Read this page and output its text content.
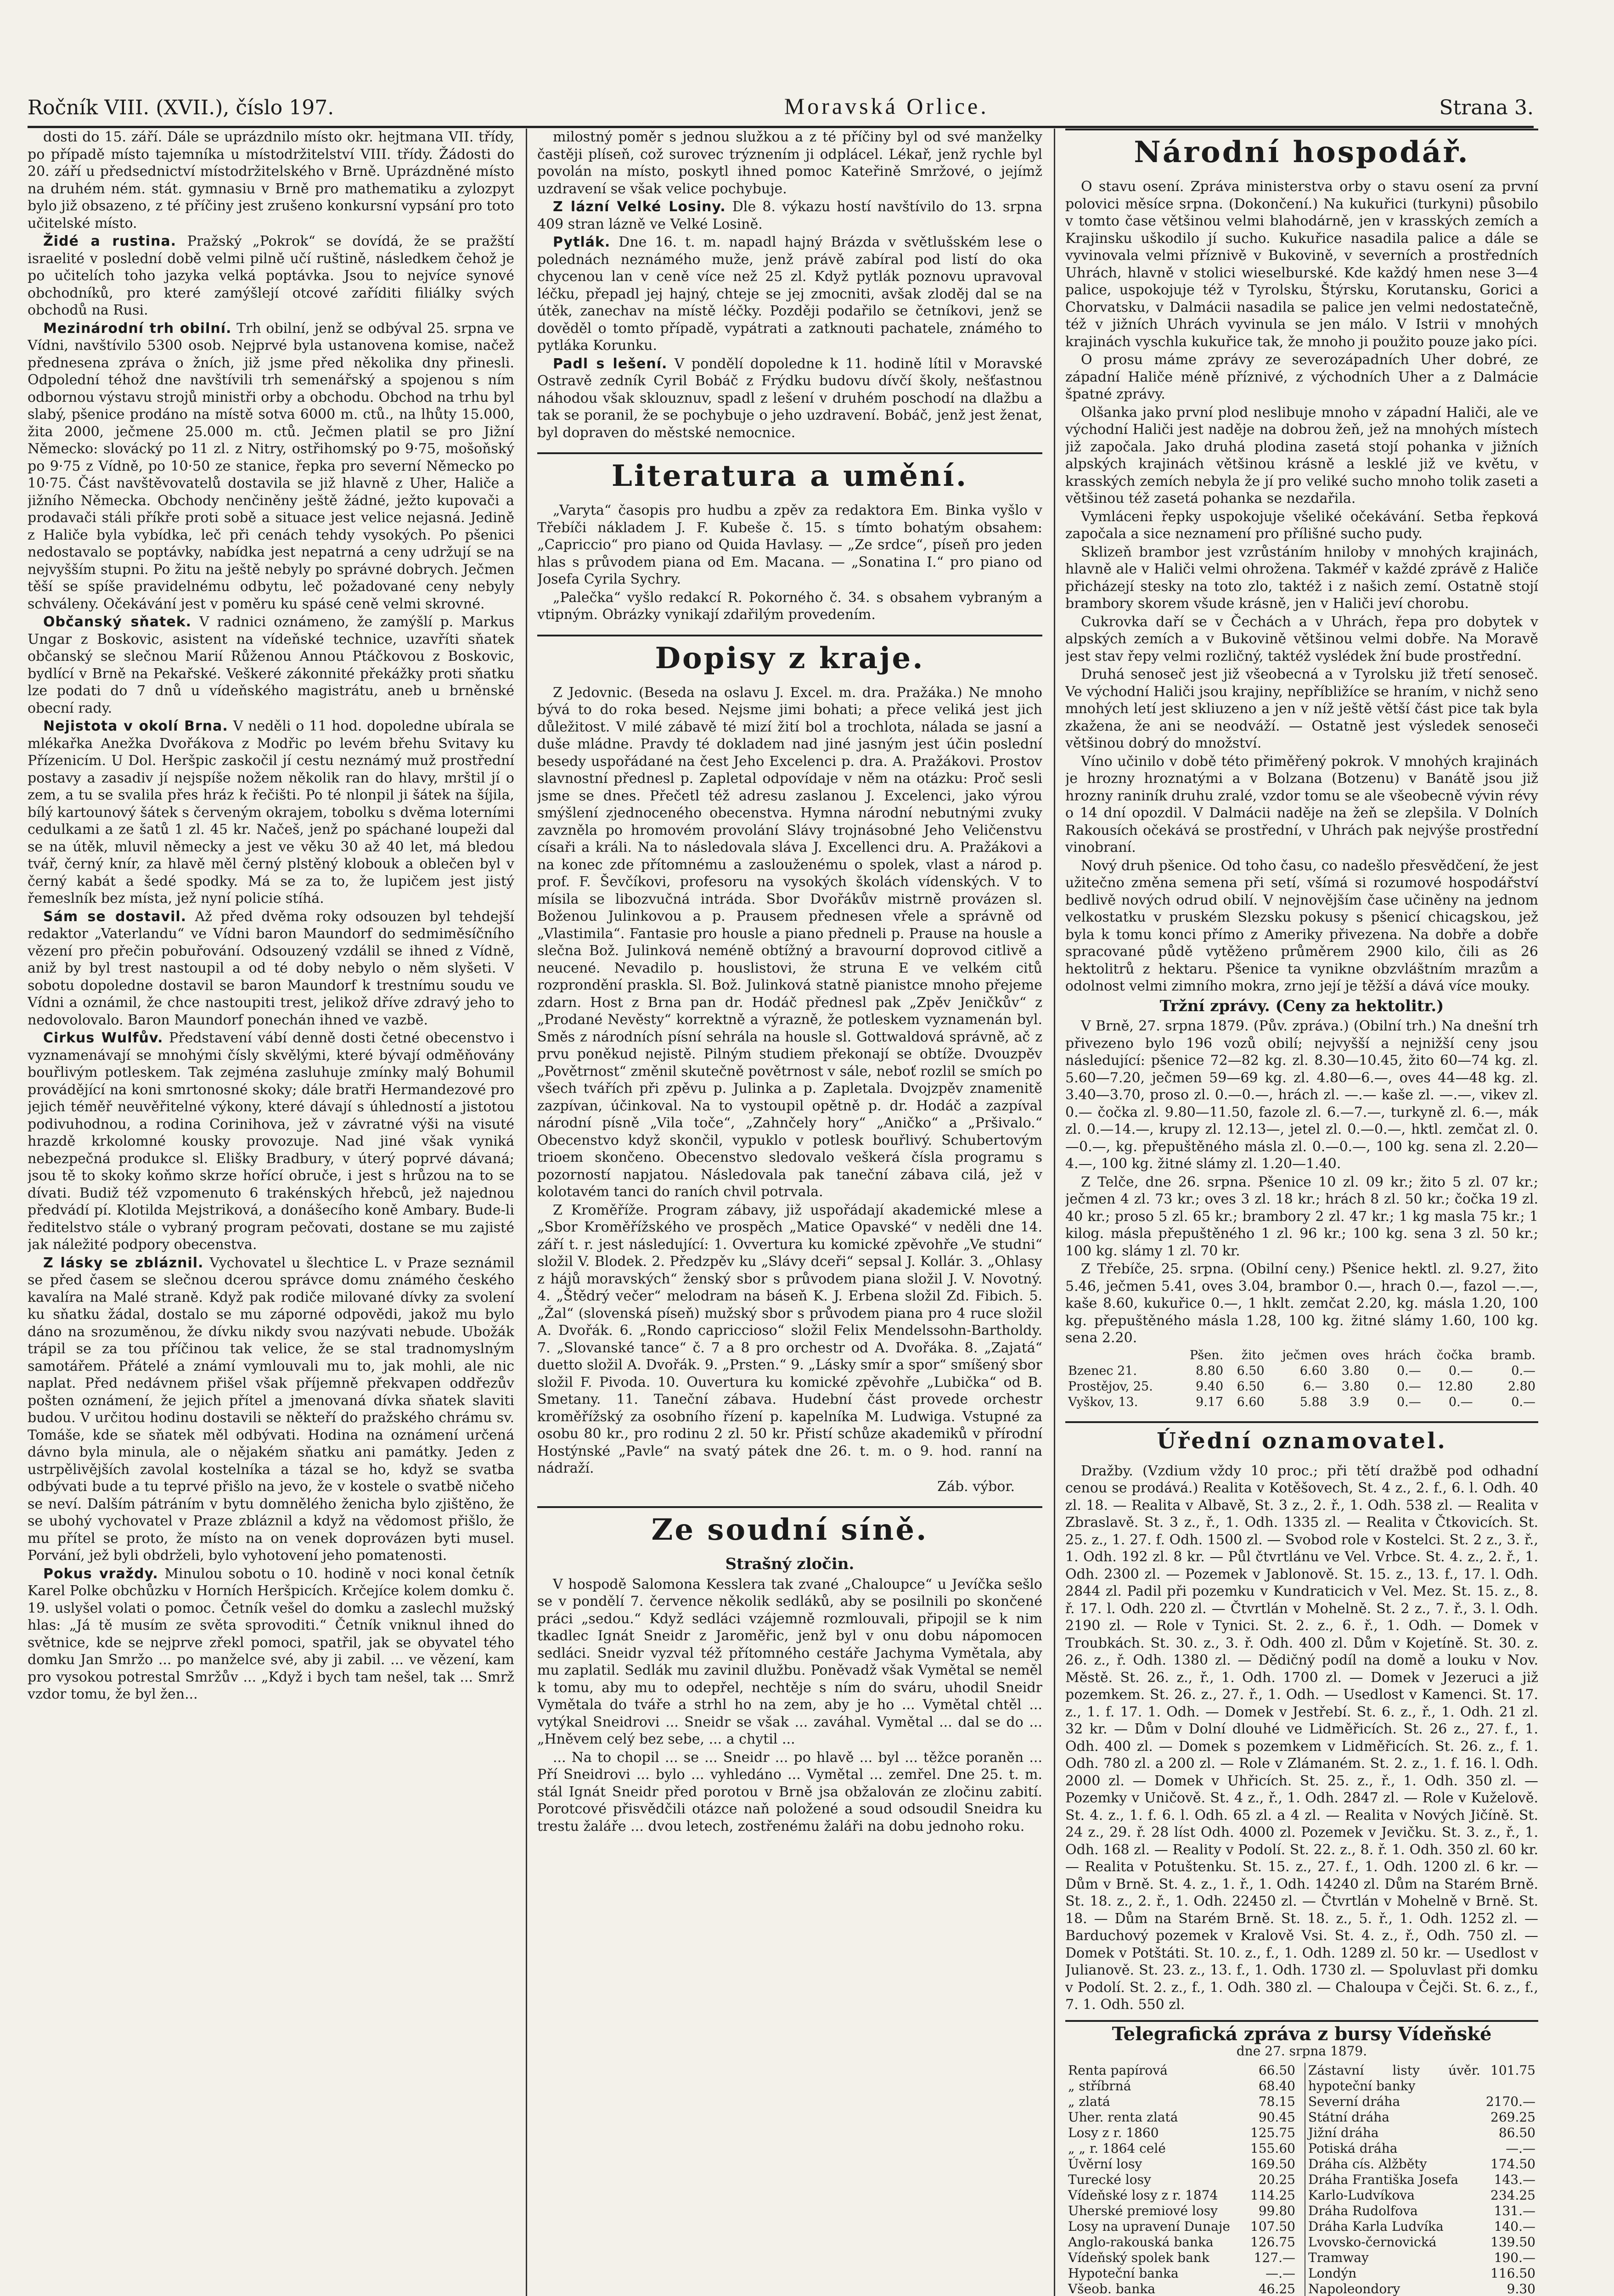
Ročník VIII. (XVII.), číslo 197.	Moravská Orlice.	Strana 3.

dosti do 15. září. Dále se uprázdnilo místo okr. hejtmana VII. třídy, po případě místo tajemníka u místodržitelství VIII. třídy. Žádosti do 20. září u předsednictví místodržitelského v Brně. Uprázdněné místo na druhém ném. stát. gymnasiu v Brně pro mathematiku a zylozpyt bylo již obsazeno, z té příčiny jest zrušeno konkursní vypsání pro toto učitelské místo.

Židé a rustina. Pražský „Pokrok“ se dovídá, že se pražští israelité v poslední době velmi pilně učí ruštině, následkem čehož je po učitelích toho jazyka velká poptávka. Jsou to nejvíce synové obchodníků, pro které zamýšlejí otcové zaříditi filiálky svých obchodů na Rusi.

Mezinárodní trh obilní. Trh obilní, jenž se odbýval 25. srpna ve Vídni, navštívilo 5300 osob. Nejprvé byla ustanovena komise, načež přednesena zpráva o žních, již jsme před několika dny přinesli. Odpolední téhož dne navštívili trh semenářský a spojenou s ním odbornou výstavu strojů ministři orby a obchodu. Obchod na trhu byl slabý, pšenice prodáno na místě sotva 6000 m. ctů., na lhůty 15.000, žita 2000, ječmene 25.000 m. ctů. Ječmen platil se pro Jižní Německo: slovácký po 11 zl. z Nitry, ostřihomský po 9·75, mošoňský po 9·75 z Vídně, po 10·50 ze stanice, řepka pro severní Německo po 10·75. Část navštěvovatelů dostavila se již hlavně z Uher, Haliče a jižního Německa. Obchody nenčiněny ještě žádné, ježto kupovači a prodavači stáli příkře proti sobě a situace jest velice nejasná. Jedině z Haliče byla vybídka, leč při cenách tehdy vysokých. Po pšenici nedostavalo se poptávky, nabídka jest nepatrná a ceny udržují se na nejvyšším stupni. Po žitu na ještě nebyly po správné dobrych. Ječmen těší se spíše pravidelnému odbytu, leč požadované ceny nebyly schváleny. Očekávání jest v poměru ku spásé ceně velmi skrovné.

Občanský sňatek. V radnici oznámeno, že zamýšlí p. Markus Ungar z Boskovic, asistent na vídeňské technice, uzavříti sňatek občanský se slečnou Marií Růženou Annou Ptáčkovou z Boskovic, bydlící v Brně na Pekařské. Veškeré zákonnité překážky proti sňatku lze podati do 7 dnů u vídeňského magistrátu, aneb u brněnské obecní rady.

Nejistota v okolí Brna. V neděli o 11 hod. dopoledne ubírala se mlékařka Anežka Dvořákova z Modřic po levém břehu Svitavy ku Přízenicím. U Dol. Heršpic zaskočil jí cestu neznámý muž prostřední postavy a zasadiv jí nejspíše nožem několik ran do hlavy, mrštil jí o zem, a tu se svalila přes hráz k řečišti. Po té nlonpil ji šátek na šíjila, bílý kartounový šátek s červeným okrajem, tobolku s dvěma loterními cedulkami a ze šatů 1 zl. 45 kr. Načeš, jenž po spáchané loupeži dal se na útěk, mluvil německy a jest ve věku 30 až 40 let, má bledou tvář, černý knír, za hlavě měl černý plstěný klobouk a oblečen byl v černý kabát a šedé spodky. Má se za to, že lupičem jest jistý řemeslník bez místa, jež nyní policie stíhá.

Sám se dostavil. Až před dvěma roky odsouzen byl tehdejší redaktor „Vaterlandu“ ve Vídni baron Maundorf do sedmiměsíčního vězení pro přečin pobuřování. Odsouzený vzdálil se ihned z Vídně, aniž by byl trest nastoupil a od té doby nebylo o něm slyšeti. V sobotu dopoledne dostavil se baron Maundorf k trestnímu soudu ve Vídni a oznámil, že chce nastoupiti trest, jelikož dříve zdravý jeho to nedovolovalo. Baron Maundorf ponechán ihned ve vazbě.

Cirkus Wulfův. Představení vábí denně dosti četné obecenstvo i vyznamenávají se mnohými čísly skvělými, které bývají odměňovány bouřlivým potleskem. Tak zejména zasluhuje zmínky malý Bohumil provádějící na koni smrtonosné skoky; dále bratři Hermandezové pro jejich téměř neuvěřitelné výkony, které dávají s úhledností a jistotou podivuhodnou, a rodina Corinihova, jež v závratné výši na visuté hrazdě krkolomné kousky provozuje. Nad jiné však vyniká nebezpečná produkce sl. Elišky Bradbury, v úterý poprvé dávaná; jsou tě to skoky koňmo skrze hořící obruče, i jest s hrůzou na to se dívati. Budiž též vzpomenuto 6 trakénských hřebců, jež najednou předvádí pí. Klotilda Mejstriková, a donášecího koně Ambary. Bude-li ředitelstvo stále o vybraný program pečovati, dostane se mu zajisté jak náležité podpory obecenstva.

Z lásky se zbláznil. Vychovatel u šlechtice L. v Praze seznámil se před časem se slečnou dcerou správce domu známého českého kavalíra na Malé straně. Když pak rodiče milované dívky za svolení ku sňatku žádal, dostalo se mu záporné odpovědi, jakož mu bylo dáno na srozuměnou, že dívku nikdy svou nazývati nebude. Ubožák trápil se za tou příčinou tak velice, že se stal tradnomyslným samotářem. Přátelé a známí vymlouvali mu to, jak mohli, ale nic naplat. Před nedávnem přišel však příjemně překvapen oddřezův pošten oznámení, že jejich přítel a jmenovaná dívka sňatek slaviti budou. V určitou hodinu dostavili se někteří do pražského chrámu sv. Tomáše, kde se sňatek měl odbývati. Hodina na oznámení určená dávno byla minula, ale o nějakém sňatku ani památky. Jeden z ustrpělivějších zavolal kostelníka a tázal se ho, když se svatba odbývati bude a tu teprvé přišlo na jevo, že v kostele o svatbě ničeho se neví. Dalším pátráním v bytu domnělého ženicha bylo zjištěno, že se ubohý vychovatel v Praze zbláznil a když na vědomost přišlo, že mu přítel se proto, že místo na on venek doprovázen byti musel. Porvání, jež byli obdrželi, bylo vyhotovení jeho pomatenosti.

Pokus vraždy. Minulou sobotu o 10. hodině v noci konal četník Karel Polke obchůzku v Horních Heršpicích. Krčejíce kolem domku č. 19. uslyšel volati o pomoc. Četník vešel do domku a zaslechl mužský hlas: „Já tě musím ze světa sprovoditi.“ Četník vniknul ihned do světnice, kde se nejprve zřekl pomoci, spatřil, jak se obyvatel tého domku Jan Smržo ... po manželce své, aby ji zabil. ... ve vězení, kam pro vysokou potrestal Smržův ... „Když i bych tam nešel, tak ... Smrž vzdor tomu, že byl žen...

milostný poměr s jednou služkou a z té příčiny byl od své manželky častěji plíseň, což surovec trýznením ji odplácel. Lékař, jenž rychle byl povolán na místo, poskytl ihned pomoc Kateřině Smržové, o jejímž uzdravení se však velice pochybuje.

Z lázní Velké Losiny. Dle 8. výkazu hostí navštívilo do 13. srpna 409 stran lázně ve Velké Losině.

Pytlák. Dne 16. t. m. napadl hajný Brázda v světlušském lese o polednách neznámého muže, jenž právě zabíral pod listí do oka chycenou lan v ceně více než 25 zl. Když pytlák poznovu upravoval léčku, přepadl jej hajný, chteje se jej zmocniti, avšak zloděj dal se na útěk, zanechav na místě léčky. Později podařilo se četníkovi, jenž se dověděl o tomto případě, vypátrati a zatknouti pachatele, známého to pytláka Korunku.

Padl s lešení. V pondělí dopoledne k 11. hodině lítil v Moravské Ostravě zedník Cyril Bobáč z Frýdku budovu dívčí školy, nešťastnou náhodou však sklouznuv, spadl z lešení v druhém poschodí na dlažbu a tak se poranil, že se pochybuje o jeho uzdravení. Bobáč, jenž jest ženat, byl dopraven do městské nemocnice.

Literatura a umění.

„Varyta“ časopis pro hudbu a zpěv za redaktora Em. Binka vyšlo v Třebíči nákladem J. F. Kubeše č. 15. s tímto bohatým obsahem: „Capriccio“ pro piano od Quida Havlasy. — „Ze srdce“, píseň pro jeden hlas s průvodem piana od Em. Macana. — „Sonatina I.“ pro piano od Josefa Cyrila Sychry.

„Palečka“ vyšlo redakcí R. Pokorného č. 34. s obsahem vybraným a vtipným. Obrázky vynikají zdařilým provedením.

Dopisy z kraje.

Z Jedovnic. (Beseda na oslavu J. Excel. m. dra. Pražáka.) Ne mnoho bývá to do roka besed. Nejsme jimi bohati; a přece veliká jest jich důležitost. V milé zábavě té mizí žití bol a trochlota, nálada se jasní a duše mládne. Pravdy té dokladem nad jiné jasným jest účin poslední besedy uspořádané na čest Jeho Excelenci p. dra. A. Pražákovi. Prostov slavnostní přednesl p. Zapletal odpovídaje v něm na otázku: Proč sesli jsme se dnes. Přečetl též adresu zaslanou J. Excelenci, jako výrou smýšlení zjednoceného obecenstva. Hymna národní nebutnými zvuky zavzněla po hromovém provolání Slávy trojnásobné Jeho Veličenstvu císaři a králi. Na to následovala sláva J. Excellenci dru. A. Pražákovi a na konec zde přítomnému a zaslouženému o spolek, vlast a národ p. prof. F. Ševčíkovi, profesoru na vysokých školách vídenských. V to mísila se libozvučná intráda. Sbor Dvořákův mistrně provázen sl. Boženou Julinkovou a p. Prausem přednesen vřele a správně od „Vlastimila“. Fantasie pro housle a piano předneli p. Prause na housle a slečna Bož. Julinková neméně obtížný a bravourní doprovod citlivě a neucené. Nevadilo p. houslistovi, že struna E ve velkém citů rozprondění praskla. Sl. Bož. Julinková statně pianistce mnoho přejeme zdarn. Host z Brna pan dr. Hodáč přednesl pak „Zpěv Jeničkův“ z „Prodané Nevěsty“ korrektně a výrazně, že potleskem vyznamenán byl. Směs z národních písní sehrála na housle sl. Gottwaldová správně, ač z prvu poněkud nejistě. Pilným studiem překonají se obtíže. Dvouzpěv „Povětrnost“ změnil skutečně povětrnost v sále, neboť rozlil se smích po všech tvářích při zpěvu p. Julinka a p. Zapletala. Dvojzpěv znamenitě zazpívan, účinkoval. Na to vystoupil opětně p. dr. Hodáč a zazpíval národní písně „Vila toče“, „Zahnčely hory“ „Aničko“ a „Pršivalo.“ Obecenstvo když skončil, vypuklo v potlesk bouřlivý. Schubertovým trioem skončeno. Obecenstvo sledovalo veškerá čísla programu s pozorností napjatou. Následovala pak taneční zábava cilá, jež v kolotavém tanci do raních chvil potrvala.

Z Kroměříže. Program zábavy, již uspořádají akademické mlese a „Sbor Kroměřížského ve prospěch „Matice Opavské“ v neděli dne 14. září t. r. jest následující: 1. Ovvertura ku komické zpěvohře „Ve studni“ složil V. Blodek. 2. Předzpěv ku „Slávy dceři“ sepsal J. Kollár. 3. „Ohlasy z hájů moravských“ ženský sbor s průvodem piana složil J. V. Novotný. 4. „Štědrý večer“ melodram na báseň K. J. Erbena složil Zd. Fibich. 5. „Žal“ (slovenská píseň) mužský sbor s průvodem piana pro 4 ruce složil A. Dvořák. 6. „Rondo capriccioso“ složil Felix Mendelssohn-Bartholdy. 7. „Slovanské tance“ č. 7 a 8 pro orchestr od A. Dvořáka. 8. „Zajatá“ duetto složil A. Dvořák. 9. „Prsten.“ 9. „Lásky smír a spor“ smíšený sbor složil F. Pivoda. 10. Ouvertura ku komické zpěvohře „Lubička“ od B. Smetany. 11. Taneční zábava. Hudební část provede orchestr kroměřížský za osobního řízení p. kapelníka M. Ludwiga. Vstupné za osobu 80 kr., pro rodinu 2 zl. 50 kr. Přistí schůze akademiků v přírodní Hostýnské „Pavle“ na svatý pátek dne 26. t. m. o 9. hod. ranní na nádraží.

Záb. výbor.
Ze soudní síně.
Strašný zločin.

V hospodě Salomona Kesslera tak zvané „Chaloupce“ u Jevíčka sešlo se v pondělí 7. července několik sedláků, aby se posilnili po skončené práci „sedou.“ Když sedláci vzájemně rozmlouvali, připojil se k nim tkadlec Ignát Sneidr z Jaroměřic, jenž byl v onu dobu nápomocen sedláci. Sneidr vyzval též přítomného cestáře Jachyma Vymětala, aby mu zaplatil. Sedlák mu zavinil dlužbu. Poněvadž však Vymětal se neměl k tomu, aby mu to odepřel, nechtěje s ním do sváru, uhodil Sneidr Vymětala do tváře a strhl ho na zem, aby je ho ... Vymětal chtěl ... vytýkal Sneidrovi ... Sneidr se však ... zaváhal. Vymětal ... dal se do ... „Hněvem celý bez sebe, ... a chytil ...

... Na to chopil ... se ... Sneidr ... po hlavě ... byl ... těžce poraněn ... Pří Sneidrovi ... bylo ... vyhledáno ... Vymětal ... zemřel. Dne 25. t. m. stál Ignát Sneidr před porotou v Brně jsa obžalován ze zločinu zabití. Porotcové přisvědčili otázce naň položené a soud odsoudil Sneidra ku trestu žaláře ... dvou letech, zostřenému žaláři na dobu jednoho roku.

Národní hospodář.

O stavu osení. Zpráva ministerstva orby o stavu osení za první polovici měsíce srpna. (Dokončení.) Na kukuřici (turkyni) působilo v tomto čase většinou velmi blahodárně, jen v krasských zemích a Krajinsku uškodilo jí sucho. Kukuřice nasadila palice a dále se vyvinovala velmi příznivě v Bukovině, v severních a prostředních Uhrách, hlavně v stolici wieselburské. Kde každý hmen nese 3—4 palice, uspokojuje též v Tyrolsku, Štýrsku, Korutansku, Gorici a Chorvatsku, v Dalmácii nasadila se palice jen velmi nedostatečně, též v jižních Uhrách vyvinula se jen málo. V Istrii v mnohých krajinách vyschla kukuřice tak, že mnoho ji použito pouze jako píci.

O prosu máme zprávy ze severozápadních Uher dobré, ze západní Haliče méně příznivé, z východních Uher a z Dalmácie špatné zprávy.

Olšanka jako první plod neslibuje mnoho v západní Haliči, ale ve východní Haliči jest naděje na dobrou žeň, jež na mnohých místech již započala. Jako druhá plodina zasetá stojí pohanka v jižních alpských krajinách většinou krásně a lesklé již ve květu, v krasských zemích nebyla že jí pro veliké sucho mnoho tolik zaseti a většinou též zasetá pohanka se nezdařila.

Vymláceni řepky uspokojuje všeliké očekávání. Setba řepková započala a sice neznamení pro přílišné sucho pudy.

Sklizeň brambor jest vzrůstáním hniloby v mnohých krajinách, hlavně ale v Haliči velmi ohrožena. Takméř v každé zprávě z Haliče přicházejí stesky na toto zlo, taktéž i z našich zemí. Ostatně stojí brambory skorem všude krásně, jen v Haliči jeví chorobu.

Cukrovka daří se v Čechách a v Uhrách, řepa pro dobytek v alpských zemích a v Bukovině většinou velmi dobře. Na Moravě jest stav řepy velmi rozličný, taktéž vyslédek žní bude prostřední.

Druhá senoseč jest již všeobecná a v Tyrolsku již třetí senoseč. Ve východní Haliči jsou krajiny, nepříbližíce se hraním, v nichž seno mnohých letí jest skliuzeno a jen v níž ještě větší část pice tak byla zkažena, že ani se neodváží. — Ostatně jest výsledek senoseči většinou dobrý do množství.

Víno učinilo v době této přiměřený pokrok. V mnohých krajinách je hrozny hroznatými a v Bolzana (Botzenu) v Banátě jsou již hrozny raniník druhu zralé, vzdor tomu se ale všeobecně vývin révy o 14 dní opozdil. V Dalmácii naděje na žeň se zlepšila. V Dolních Rakousích očekává se prostřední, v Uhrách pak nejvýše prostřední vinobraní.

Nový druh pšenice. Od toho času, co nadešlo přesvědčení, že jest užitečno změna semena při setí, všímá si rozumové hospodářství bedlivě nových odrud obilí. V nejnovějším čase učiněny na jednom velkostatku v pruském Slezsku pokusy s pšenicí chicagskou, jež byla k tomu konci přímo z Ameriky přivezena. Na dobře a dobře spracované půdě vytěženo průměrem 2900 kilo, čili as 26 hektolitrů z hektaru. Pšenice ta vynikne obzvláštním mrazům a odolnost velmi zimního mokra, zrno její je těžší a dává více mouky.

Tržní zprávy. (Ceny za hektolitr.)

V Brně, 27. srpna 1879. (Pův. zpráva.) (Obilní trh.) Na dnešní trh přivezeno bylo 196 vozů obilí; nejvyšší a nejnižší ceny jsou následující: pšenice 72—82 kg. zl. 8.30—10.45, žito 60—74 kg. zl. 5.60—7.20, ječmen 59—69 kg. zl. 4.80—6.—, oves 44—48 kg. zl. 3.40—3.70, proso zl. 0.—0.—, hrách zl. —.— kaše zl. —.—, vikev zl. 0.— čočka zl. 9.80—11.50, fazole zl. 6.—7.—, turkyně zl. 6.—, mák zl. 0.—14.—, krupy zl. 12.13—, jetel zl. 0.—0.—, hktl. zemčat zl. 0.—0.—, kg. přepuštěného másla zl. 0.—0.—, 100 kg. sena zl. 2.20—4.—, 100 kg. žitné slámy zl. 1.20—1.40.

Z Telče, dne 26. srpna. Pšenice 10 zl. 09 kr.; žito 5 zl. 07 kr.; ječmen 4 zl. 73 kr.; oves 3 zl. 18 kr.; hrách 8 zl. 50 kr.; čočka 19 zl. 40 kr.; proso 5 zl. 65 kr.; brambory 2 zl. 47 kr.; 1 kg masla 75 kr.; 1 kilog. másla přepuštěného 1 zl. 96 kr.; 100 kg. sena 3 zl. 50 kr.; 100 kg. slámy 1 zl. 70 kr.

Z Třebíče, 25. srpna. (Obilní ceny.) Pšenice hektl. zl. 9.27, žito 5.46, ječmen 5.41, oves 3.04, brambor 0.—, hrach 0.—, fazol —.—, kaše 8.60, kukuřice 0.—, 1 hklt. zemčat 2.20, kg. másla 1.20, 100 kg. přepuštěného másla 1.28, 100 kg. žitné slámy 1.60, 100 kg. sena 2.20.

	Pšen.	žito	ječmen	oves	hrách	čočka	bramb.
Bzenec 21.	8.80	6.50	6.60	3.80	0.—	0.—	0.—
Prostějov, 25.	9.40	6.50	6.—	3.80	0.—	12.80	2.80
Vyškov, 1⁠3.	9.17	6.60	5.88	3.9	0.—	0.—	0.—
Úřední oznamovatel.

Dražby. (Vzdium vždy 10 proc.; při tětí dražbě pod odhadní cenou se prodává.) Realita v Kotěšovech, St. 4 z., 2. f., 6. l. Odh. 40 zl. 18. — Realita v Albavě, St. 3 z., 2. ř., 1. Odh. 538 zl. — Realita v Zbraslavě. St. 3 z., ř., 1. Odh. 1335 zl. — Realita v Čtkovicích. St. 25. z., 1. 27. f. Odh. 1500 zl. — Svobod role v Kostelci. St. 2 z., 3. ř., 1. Odh. 192 zl. 8 kr. — Půl čtvrtlánu ve Vel. Vrbce. St. 4. z., 2. ř., 1. Odh. 2300 zl. — Pozemek v Jablonově. St. 15. z., 13. f., 17. l. Odh. 2844 zl. Padil při pozemku v Kundraticich v Vel. Mez. St. 15. z., 8. ř. 17. l. Odh. 220 zl. — Čtvrtlán v Mohelně. St. 2 z., 7. ř., 3. l. Odh. 2190 zl. — Role v Tynici. St. 2. z., 6. ř., 1. Odh. — Domek v Troubkách. St. 30. z., 3. ř. Odh. 400 zl. Dům v Kojetíně. St. 30. z. 26. z., ř. Odh. 1380 zl. — Dědičný podíl na domě a louku v Nov. Městě. St. 26. z., ř., 1. Odh. 1700 zl. — Domek v Jezeruci a již pozemkem. St. 26. z., 27. ř., 1. Odh. — Usedlost v Kamenci. St. 17. z., 1. f. 17. 1. Odh. — Domek v Jestřebí. St. 6. z., ř., 1. Odh. 21 zl. 32 kr. — Dům v Dolní dlouhé ve Lidměřicích. St. 26 z., 27. f., 1. Odh. 400 zl. — Domek s pozemkem v Lidměřicích. St. 26. z., f. 1. Odh. 780 zl. a 200 zl. — Role v Zlámaném. St. 2. z., 1. f. 16. l. Odh. 2000 zl. — Domek v Uhřicích. St. 25. z., ř., 1. Odh. 350 zl. — Pozemky v Uničově. St. 4 z., ř., 1. Odh. 2847 zl. — Role v Kuželově. St. 4. z., 1. f. 6. l. Odh. 65 zl. a 4 zl. — Realita v Nových Jičíně. St. 24 z., 29. ř. 28 líst Odh. 4000 zl. Pozemek v Jevičku. St. 3. z., ř., 1. Odh. 168 zl. — Reality v Podolí. St. 22. z., 8. ř. 1. Odh. 350 zl. 60 kr. — Realita v Potuštenku. St. 15. z., 27. f., 1. Odh. 1200 zl. 6 kr. — Dům v Brně. St. 4. z., 1. ř., 1. Odh. 14240 zl. Dům na Starém Brně. St. 18. z., 2. ř., 1. Odh. 22450 zl. — Čtvrtlán v Mohelně v Brně. St. 18. — Dům na Starém Brně. St. 18. z., 5. ř., 1. Odh. 1252 zl. — Barduchový pozemek v Kralově Vsi. St. 4. z., ř., Odh. 750 zl. — Domek v Potštáti. St. 10. z., f., 1. Odh. 1289 zl. 50 kr. — Usedlost v Julianově. St. 23. z., 13. f., 1. Odh. 1730 zl. — Spoluvlast při domku v Podolí. St. 2. z., f., 1. Odh. 380 zl. — Chaloupa v Čejči. St. 6. z., f., 7. 1. Odh. 550 zl.

Telegrafická zpráva z bursy Vídeňské
dne 27. srpna 1879.
Renta papírová	66.50
„ stříbrná	68.40
„ zlatá	78.15
Uher. renta zlatá	90.45
Losy z r. 1860	125.75
„ „ r. 1864 celé	155.60
Úvěrní losy	169.50
Turecké losy	20.25
Vídeňské losy z r. 1874	114.25
Uherské premiové losy	99.80
Losy na upravení Dunaje	107.50
Anglo-rakouská banka	126.75
Vídeňský spolek bank	127.—
Hypoteční banka	—.—
Všeob. banka	46.25

Zástavní listy úvěr. hypoteční banky	101.75
Severní dráha	2170.—
Státní dráha	269.25
Jižní dráha	86.50
Potiská dráha	—.—
Dráha cís. Alžběty	174.50
Dráha Františka Josefa	143.—
Karlo-Ludvíkova	234.25
Dráha Rudolfova	131.—
Dráha Karla Ludvíka	140.—
Lvovsko-černovická	139.50
Tramway	190.—
Londýn	116.50
Napoleondory	9.30
